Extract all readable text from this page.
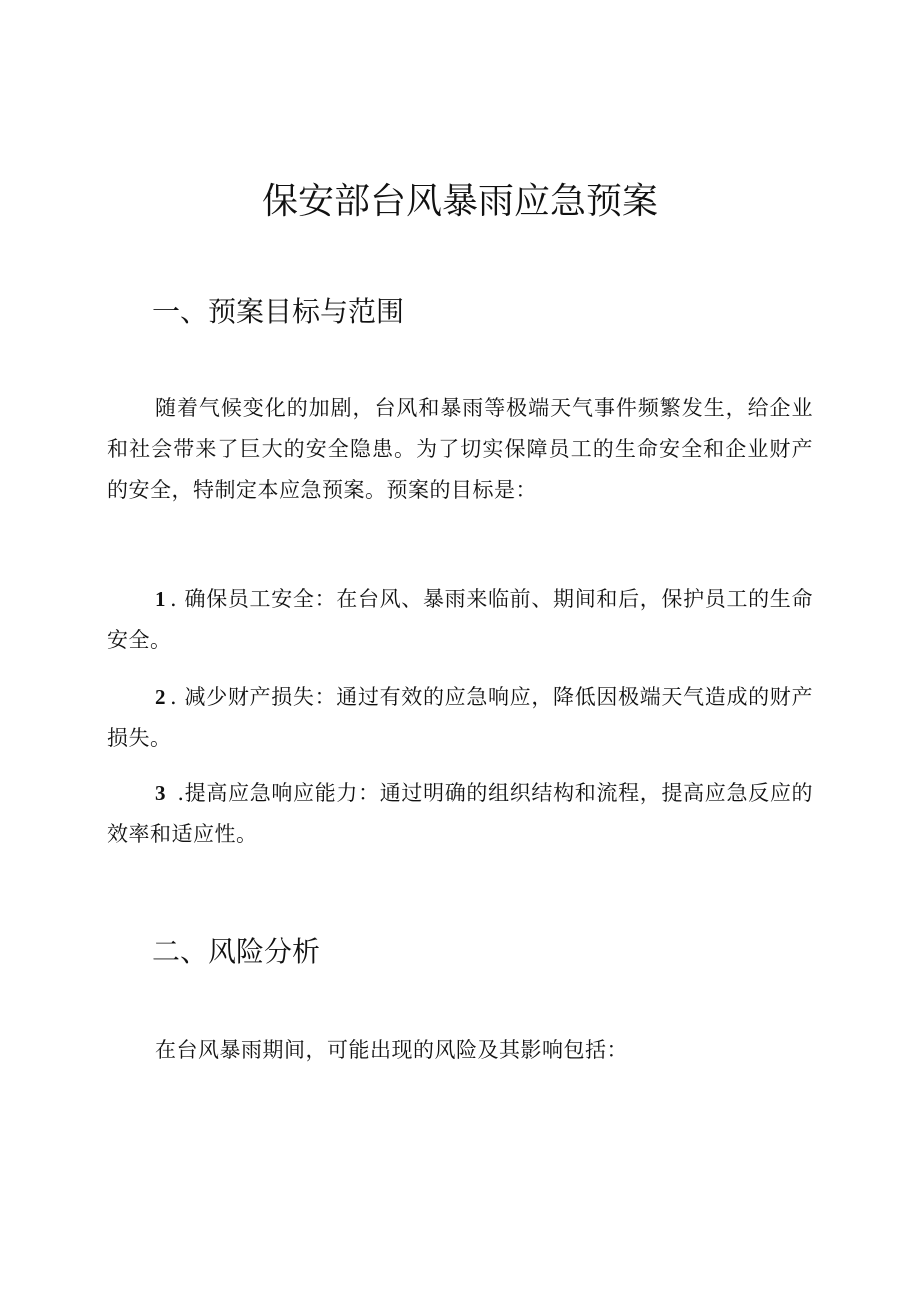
保安部台风暴雨应急预案
一、预案目标与范围

随着气候变化的加剧，台风和暴雨等极端天气事件频繁发生，给企业和社会带来了巨大的安全隐患。为了切实保障员工的生命安全和企业财产的安全，特制定本应急预案。预案的目标是：

1 . 确保员工安全：在台风、暴雨来临前、期间和后，保护员工的生命安全。

2 . 减少财产损失：通过有效的应急响应，降低因极端天气造成的财产损失。

3 .提高应急响应能力：通过明确的组织结构和流程，提高应急反应的效率和适应性。

二、风险分析

在台风暴雨期间，可能出现的风险及其影响包括：
